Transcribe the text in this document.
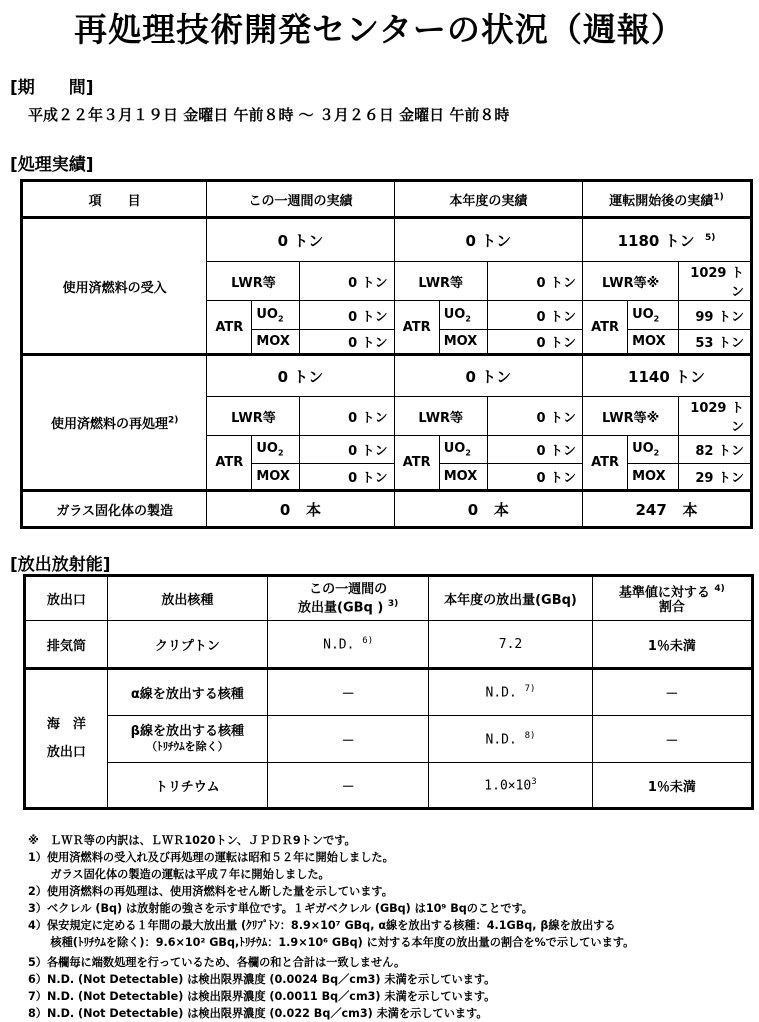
再処理技術開発センターの状況（週報）
[期　　間]
平成２２年３月１９日 金曜日 午前８時 ～ ３月２６日 金曜日 午前８時
[処理実績]
項　　目	この一週間の実績			本年度の実績			運転開始後の実績$^{1)}$
使用済燃料の受入	0 トン			0 トン			1180 トン $^{5)}$
	LWR等		0 トン	LWR等		0 トン	LWR等※		1029 トン
	ATR	$UO_2$	0 トン	ATR	$UO_2$	0 トン	ATR	$UO_2$	99 トン
		MOX	0 トン		MOX	0 トン		MOX	53 トン
使用済燃料の再処理$^{2)}$	0 トン			0 トン			1140 トン		
	LWR等		0 トン	LWR等		0 トン	LWR等※		1029 トン
	ATR	$UO_2$	0 トン	ATR	$UO_2$	0 トン	ATR	$UO_2$	82 トン
		MOX	0 トン		MOX	0 トン		MOX	29 トン
ガラス固化体の製造	0 本			0 本			247 本		
[放出放射能]
放出口	放出核種	この一週間の
放出量(GBq ) $^{3)}$	本年度の放出量(GBq)	基準値に対する $^{4)}$
割合
排気筒	クリプトン	N.D. $^{6)}$	7.2	1％未満
海　洋
放出口	α線を放出する核種	－	N.D. $^{7)}$	－
	β線を放出する核種
（ﾄﾘﾁｳﾑを除く）	－	N.D. $^{8)}$	－
	トリチウム	－	$1.0\times 10^3$	1％未満
※　ＬＷＲ等の内訳は、ＬＷＲ1020トン、ＪＰＤＲ9トンです。
1）使用済燃料の受入れ及び再処理の運転は昭和５２年に開始しました。
　　ガラス固化体の製造の運転は平成７年に開始しました。
2）使用済燃料の再処理は、使用済燃料をせん断した量を示しています。
3）ベクレル (Bq) は放射能の強さを示す単位です。１ギガベクレル (GBq) は10⁹ Bqのことです。
4）保安規定に定める１年間の最大放出量 (ｸﾘﾌﾟﾄﾝ：8.9×10⁷ GBq, α線を放出する核種：4.1GBq, β線を放出する
　　核種(ﾄﾘﾁｳﾑを除く)：9.6×10² GBq,ﾄﾘﾁｳﾑ：1.9×10⁶ GBq) に対する本年度の放出量の割合を%で示しています。
5）各欄毎に端数処理を行っているため、各欄の和と合計は一致しません。
6）N.D. (Not Detectable) は検出限界濃度 (0.0024 Bq／cm3) 未満を示しています。
7）N.D. (Not Detectable) は検出限界濃度 (0.0011 Bq／cm3) 未満を示しています。
8）N.D. (Not Detectable) は検出限界濃度 (0.022 Bq／cm3) 未満を示しています。
